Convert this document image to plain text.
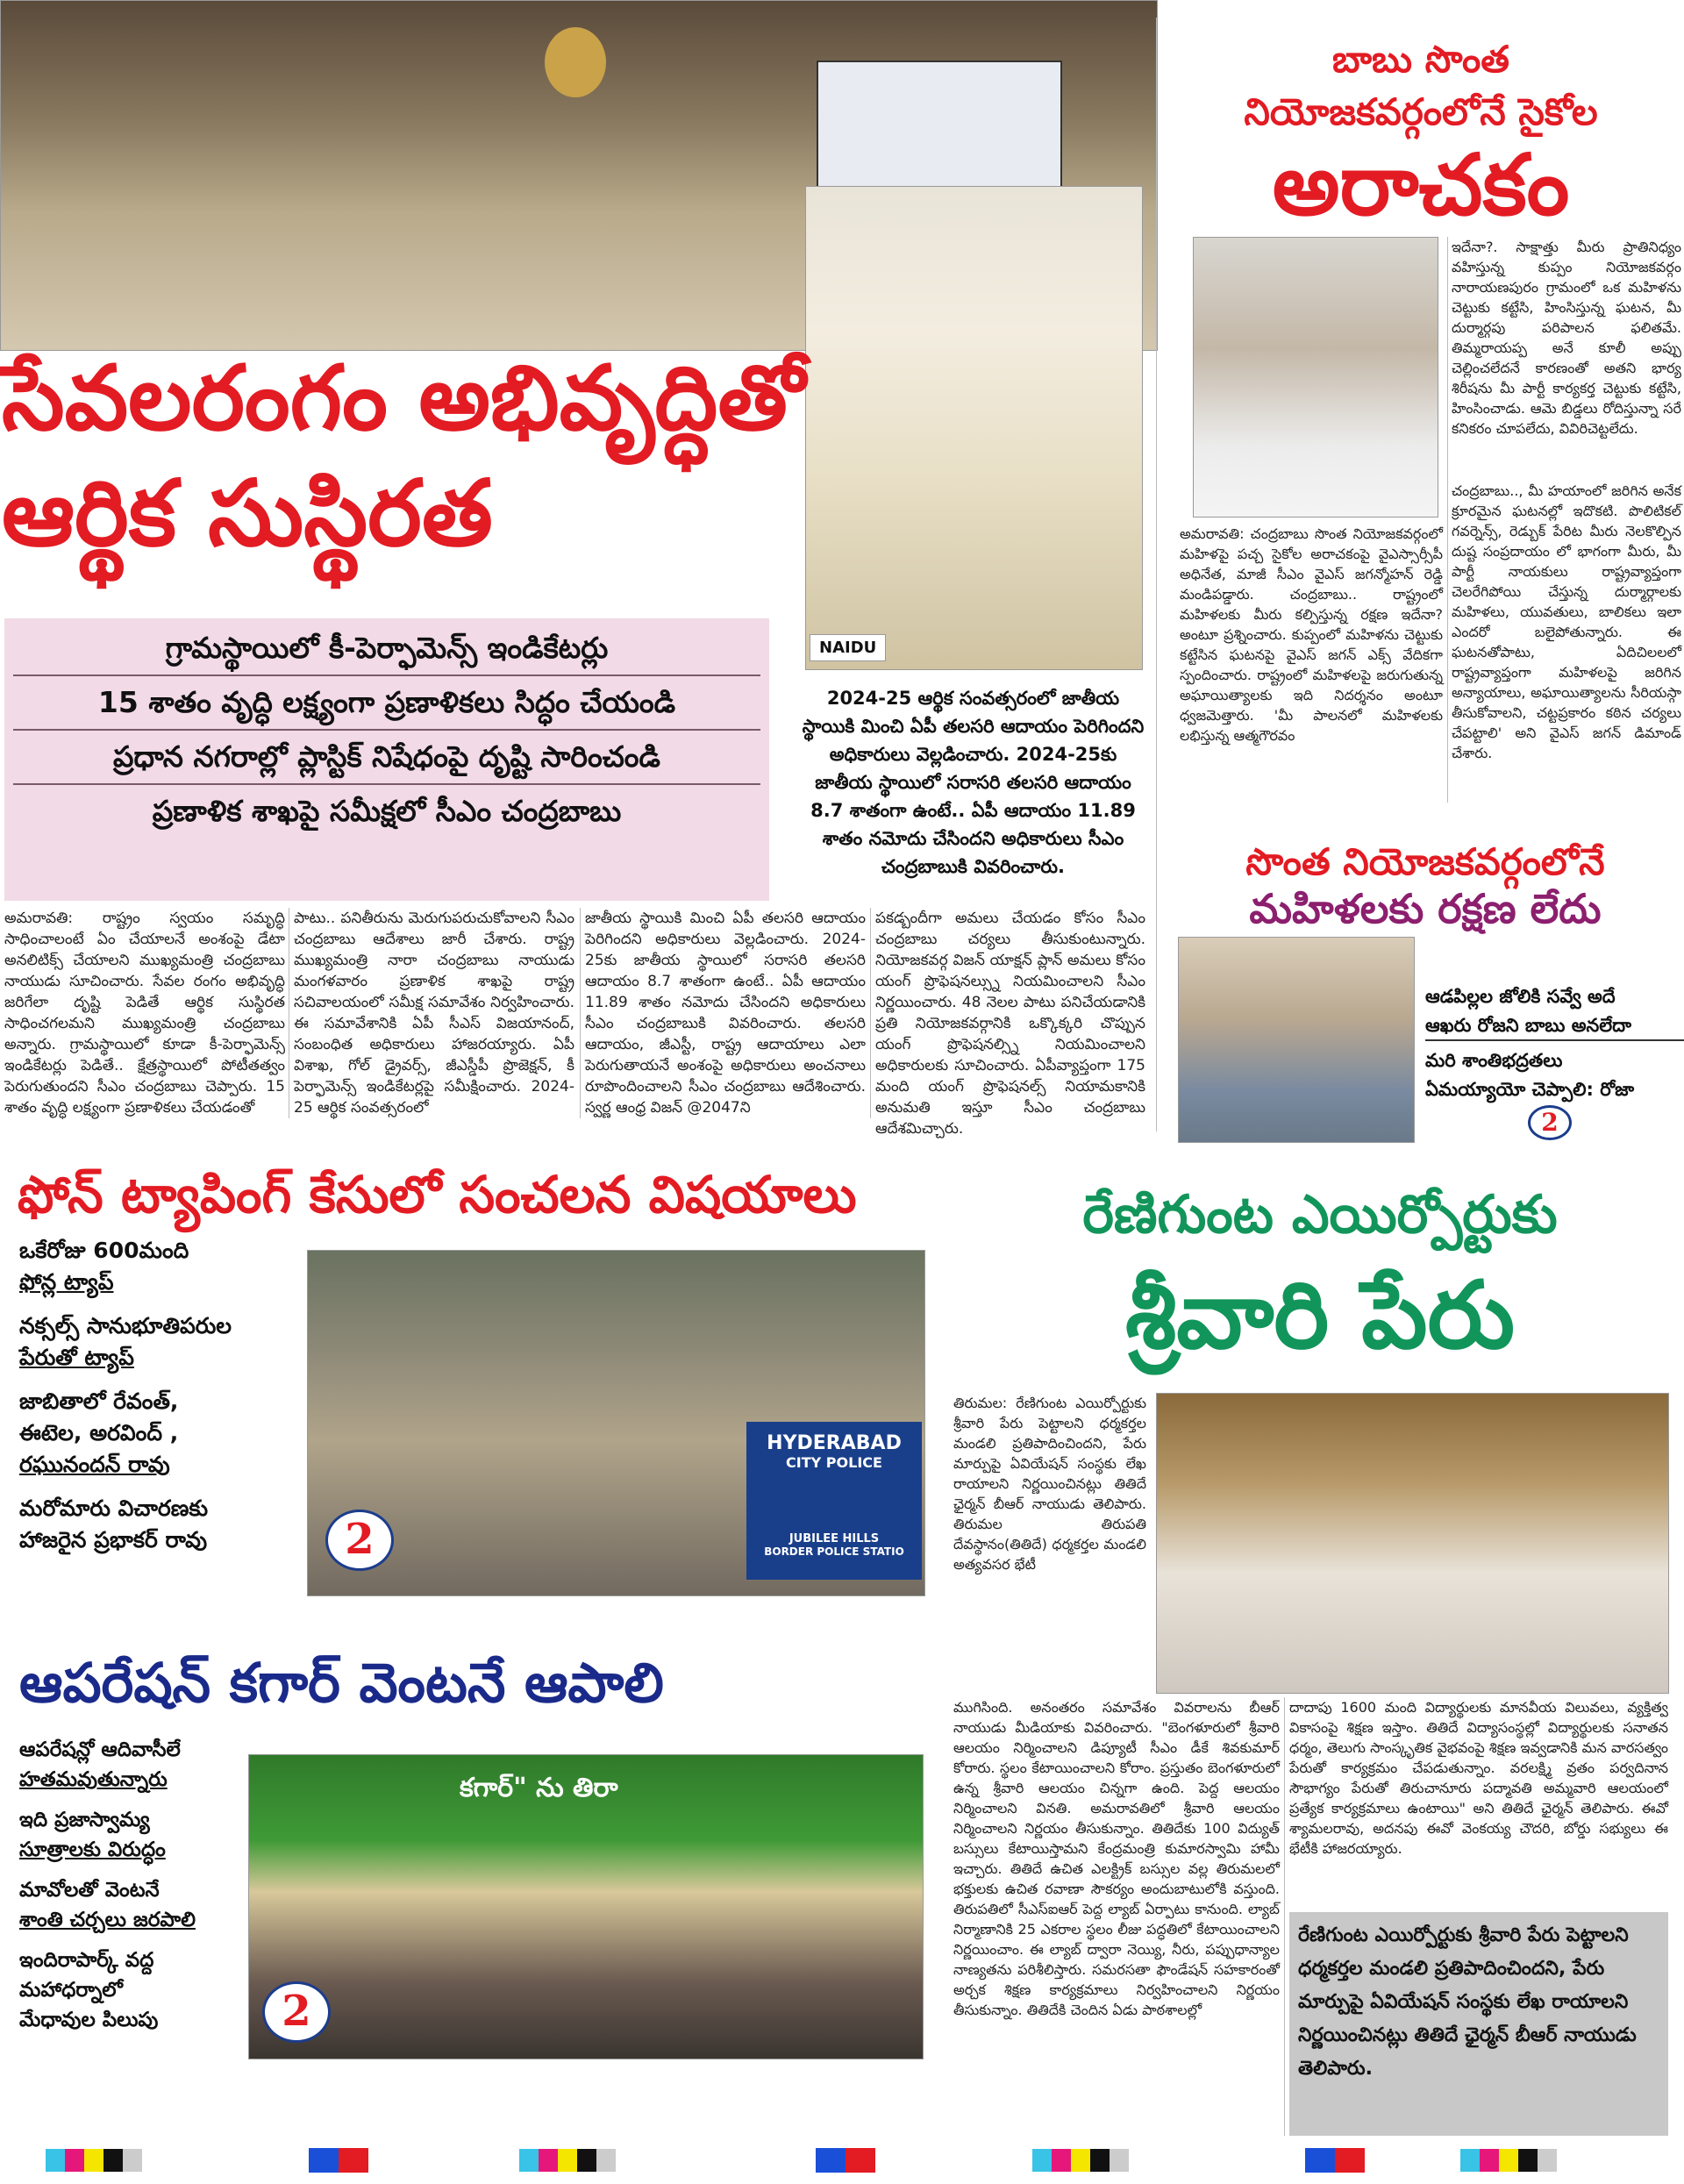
NAIDU
సేవలరంగం అభివృద్ధితో
ఆర్థిక సుస్థిరత
గ్రామస్థాయిలో కీ-పెర్ఫామెన్స్ ఇండికేటర్లు
15 శాతం వృద్ధి లక్ష్యంగా ప్రణాళికలు సిద్ధం చేయండి
ప్రధాన నగరాల్లో ప్లాస్టిక్ నిషేధంపై దృష్టి సారించండి
ప్రణాళిక శాఖపై సమీక్షలో సీఎం చంద్రబాబు
2024-25 ఆర్థిక సంవత్సరంలో జాతీయ స్థాయికి మించి ఏపీ తలసరి ఆదాయం పెరిగిందని అధికారులు వెల్లడించారు. 2024-25కు జాతీయ స్థాయిలో సరాసరి తలసరి ఆదాయం 8.7 శాతంగా ఉంటే.. ఏపీ ఆదాయం 11.89 శాతం నమోదు చేసిందని అధికారులు సీఎం చంద్రబాబుకి వివరించారు.
అమరావతి: రాష్ట్రం స్వయం సమృద్ధి సాధించాలంటే ఏం చేయాలనే అంశంపై డేటా అనలిటిక్స్ చేయాలని ముఖ్యమంత్రి చంద్రబాబు నాయుడు సూచించారు. సేవల రంగం అభివృద్ధి జరిగేలా దృష్టి పెడితే ఆర్థిక సుస్థిరత సాధించగలమని ముఖ్యమంత్రి చంద్రబాబు అన్నారు. గ్రామస్థాయిలో కూడా కీ-పెర్ఫామెన్స్ ఇండికేటర్లు పెడితే.. క్షేత్రస్థాయిలో పోటీతత్వం పెరుగుతుందని సీఎం చంద్రబాబు చెప్పారు. 15 శాతం వృద్ధి లక్ష్యంగా ప్రణాళికలు చేయడంతో
పాటు.. పనితీరును మెరుగుపరుచుకోవాలని సీఎం చంద్రబాబు ఆదేశాలు జారీ చేశారు. రాష్ట్ర ముఖ్యమంత్రి నారా చంద్రబాబు నాయుడు మంగళవారం ప్రణాళిక శాఖపై రాష్ట్ర సచివాలయంలో సమీక్ష సమావేశం నిర్వహించారు. ఈ సమావేశానికి ఏపీ సీఎస్ విజయానంద్, సంబంధిత అధికారులు హాజరయ్యారు. ఏపీ విశాఖ, గోల్ డ్రైవర్స్, జీఎస్డీపీ ప్రొజెక్షన్, కీ పెర్ఫామెన్స్ ఇండికేటర్లపై సమీక్షించారు. 2024-25 ఆర్థిక సంవత్సరంలో
జాతీయ స్థాయికి మించి ఏపీ తలసరి ఆదాయం పెరిగిందని అధికారులు వెల్లడించారు. 2024-25కు జాతీయ స్థాయిలో సరాసరి తలసరి ఆదాయం 8.7 శాతంగా ఉంటే.. ఏపీ ఆదాయం 11.89 శాతం నమోదు చేసిందని అధికారులు సీఎం చంద్రబాబుకి వివరించారు. తలసరి ఆదాయం, జీఎస్టీ, రాష్ట్ర ఆదాయాలు ఎలా పెరుగుతాయనే అంశంపై అధికారులు అంచనాలు రూపొందించాలని సీఎం చంద్రబాబు ఆదేశించారు. స్వర్ణ ఆంధ్ర విజన్ @2047ని
పకడ్బందీగా అమలు చేయడం కోసం సీఎం చంద్రబాబు చర్యలు తీసుకుంటున్నారు. నియోజకవర్గ విజన్ యాక్షన్ ప్లాన్ అమలు కోసం యంగ్ ప్రొఫెషనల్స్ను నియమించాలని సీఎం నిర్ణయించారు. 48 నెలల పాటు పనిచేయడానికి ప్రతి నియోజకవర్గానికి ఒక్కొక్కరి చొప్పున యంగ్ ప్రొఫెషనల్స్ని నియమించాలని అధికారులకు సూచించారు. ఏపీవ్యాప్తంగా 175 మంది యంగ్ ప్రొఫెషనల్స్ నియామకానికి అనుమతి ఇస్తూ సీఎం చంద్రబాబు ఆదేశమిచ్చారు.
బాబు సొంత
నియోజకవర్గంలోనే సైకోల
అరాచకం
అమరావతి: చంద్రబాబు సొంత నియోజకవర్గంలో మహిళపై పచ్చ సైకోల అరాచకంపై వైఎస్సార్సీపీ అధినేత, మాజీ సీఎం వైఎస్ జగన్మోహన్ రెడ్డి మండిపడ్డారు. చంద్రబాబు.. రాష్ట్రంలో మహిళలకు మీరు కల్పిస్తున్న రక్షణ ఇదేనా? అంటూ ప్రశ్నించారు. కుప్పంలో మహిళను చెట్టుకు కట్టేసిన ఘటనపై వైఎస్ జగన్ ఎక్స్ వేదికగా స్పందించారు. రాష్ట్రంలో మహిళలపై జరుగుతున్న అఘాయిత్యాలకు ఇది నిదర్శనం అంటూ ధ్వజమెత్తారు. 'మీ పాలనలో మహిళలకు లభిస్తున్న ఆత్మగౌరవం
ఇదేనా?. సాక్షాత్తు మీరు ప్రాతినిధ్యం వహిస్తున్న కుప్పం నియోజకవర్గం నారాయణపురం గ్రామంలో ఒక మహిళను చెట్టుకు కట్టేసి, హింసిస్తున్న ఘటన, మీ దుర్మార్గపు పరిపాలన ఫలితమే. తిమ్మరాయప్ప అనే కూలీ అప్పు చెల్లించలేదనే కారణంతో అతని భార్య శిరీషను మీ పార్టీ కార్యకర్త చెట్టుకు కట్టేసి, హింసించాడు. ఆమె బిడ్డలు రోదిస్తున్నా సరే కనికరం చూపలేదు, వివిరిచెట్టలేదు.
చంద్రబాబు.., మీ హయాంలో జరిగిన అనేక క్రూరమైన ఘటనల్లో ఇదొకటి. పొలిటికల్ గవర్నెన్స్, రెడ్బుక్ పేరిట మీరు నెలకొల్పిన దుష్ట సంప్రదాయం లో భాగంగా మీరు, మీ పార్టీ నాయకులు రాష్ట్రవ్యాప్తంగా చెలరేగిపోయి చేస్తున్న దుర్మార్గాలకు మహిళలు, యువతులు, బాలికలు ఇలా ఎందరో బలైపోతున్నారు. ఈ ఘటనతోపాటు, ఏదిచిలలలో రాష్ట్రవ్యాప్తంగా మహిళలపై జరిగిన అన్యాయాలు, అఘాయిత్యాలను సీరియస్గా తీసుకోవాలని, చట్టప్రకారం కఠిన చర్యలు చేపట్టాలి' అని వైఎస్ జగన్ డిమాండ్ చేశారు.
సొంత నియోజకవర్గంలోనే
మహిళలకు రక్షణ లేదు
ఆడపిల్లల జోలికి సవ్వే అదే
ఆఖరు రోజని బాబు అనలేదా
మరి శాంతిభద్రతలు
ఏమయ్యాయో చెప్పాలి: రోజా
2
ఫోన్ ట్యాపింగ్ కేసులో సంచలన విషయాలు
ఒకేరోజు 600మంది
ఫోన్ల ట్యాప్
నక్సల్స్ సానుభూతిపరుల
పేరుతో ట్యాప్
జాబితాలో రేవంత్,
ఈటెల, అరవింద్ ,
రఘునందన్ రావు
మరోమారు విచారణకు
హాజరైన ప్రభాకర్ రావు
HYDERABAD
CITY POLICE
JUBILEE HILLS
BORDER POLICE STATIO
2
ఆపరేషన్ కగార్ వెంటనే ఆపాలి
ఆపరేషన్లో ఆదివాసీలే
హతమవుతున్నారు
ఇది ప్రజాస్వామ్య
సూత్రాలకు విరుద్ధం
మావోలతో వెంటనే
శాంతి చర్చలు జరపాలి
ఇందిరాపార్క్ వద్ద
మహాధర్నాలో
మేధావుల పిలుపు
కగార్" ను తిరా
2
రేణిగుంట ఎయిర్పోర్టుకు
శ్రీవారి పేరు
తిరుమల: రేణిగుంట ఎయిర్పోర్టుకు శ్రీవారి పేరు పెట్టాలని ధర్మకర్తల మండలి ప్రతిపాదించిందని, పేరు మార్పుపై ఏవియేషన్ సంస్థకు లేఖ రాయాలని నిర్ణయించినట్లు తితిదే ఛైర్మన్ బీఆర్ నాయుడు తెలిపారు. తిరుమల తిరుపతి దేవస్థానం(తితిదే) ధర్మకర్తల మండలి అత్యవసర భేటీ
ముగిసింది. అనంతరం సమావేశం వివరాలను బీఆర్ నాయుడు మీడియాకు వివరించారు. "బెంగళూరులో శ్రీవారి ఆలయం నిర్మించాలని డిప్యూటీ సీఎం డీకే శివకుమార్ కోరారు. స్థలం కేటాయించాలని కోరాం. ప్రస్తుతం బెంగళూరులో ఉన్న శ్రీవారి ఆలయం చిన్నగా ఉంది. పెద్ద ఆలయం నిర్మించాలని వినతి. అమరావతిలో శ్రీవారి ఆలయం నిర్మించాలని నిర్ణయం తీసుకున్నాం. తితిదేకు 100 విద్యుత్ బస్సులు కేటాయిస్తామని కేంద్రమంత్రి కుమారస్వామి హామీ ఇచ్చారు. తితిదే ఉచిత ఎలక్ట్రిక్ బస్సుల వల్ల తిరుమలలో భక్తులకు ఉచిత రవాణా సౌకర్యం అందుబాటులోకి వస్తుంది. తిరుపతిలో సీఎస్ఐఆర్ పెద్ద ల్యాబ్ ఏర్పాటు కానుంది. ల్యాబ్ నిర్మాణానికి 25 ఎకరాల స్థలం లీజు పద్ధతిలో కేటాయించాలని నిర్ణయించాం. ఈ ల్యాబ్ ద్వారా నెయ్యి, నీరు, పప్పుధాన్యాల నాణ్యతను పరిశీలిస్తారు. సమరసతా ఫౌండేషన్ సహకారంతో అర్చక శిక్షణ కార్యక్రమాలు నిర్వహించాలని నిర్ణయం తీసుకున్నాం. తితిదేకి చెందిన ఏడు పాఠశాలల్లో
దాదాపు 1600 మంది విద్యార్థులకు మానవీయ విలువలు, వ్యక్తిత్వ వికాసంపై శిక్షణ ఇస్తాం. తితిదే విద్యాసంస్థల్లో విద్యార్థులకు సనాతన ధర్మం, తెలుగు సాంస్కృతిక వైభవంపై శిక్షణ ఇవ్వడానికి మన వారసత్వం పేరుతో కార్యక్రమం చేపడుతున్నాం. వరలక్ష్మి వ్రతం పర్వదినాన సౌభాగ్యం పేరుతో తిరుచానూరు పద్మావతి అమ్మవారి ఆలయంలో ప్రత్యేక కార్యక్రమాలు ఉంటాయి" అని తితిదే ఛైర్మన్ తెలిపారు. ఈవో శ్యామలరావు, అదనపు ఈవో వెంకయ్య చౌదరి, బోర్డు సభ్యులు ఈ భేటీకి హాజరయ్యారు.
రేణిగుంట ఎయిర్పోర్టుకు శ్రీవారి పేరు పెట్టాలని ధర్మకర్తల మండలి ప్రతిపాదించిందని, పేరు మార్పుపై ఏవియేషన్ సంస్థకు లేఖ రాయాలని నిర్ణయించినట్లు తితిదే ఛైర్మన్ బీఆర్ నాయుడు తెలిపారు.
